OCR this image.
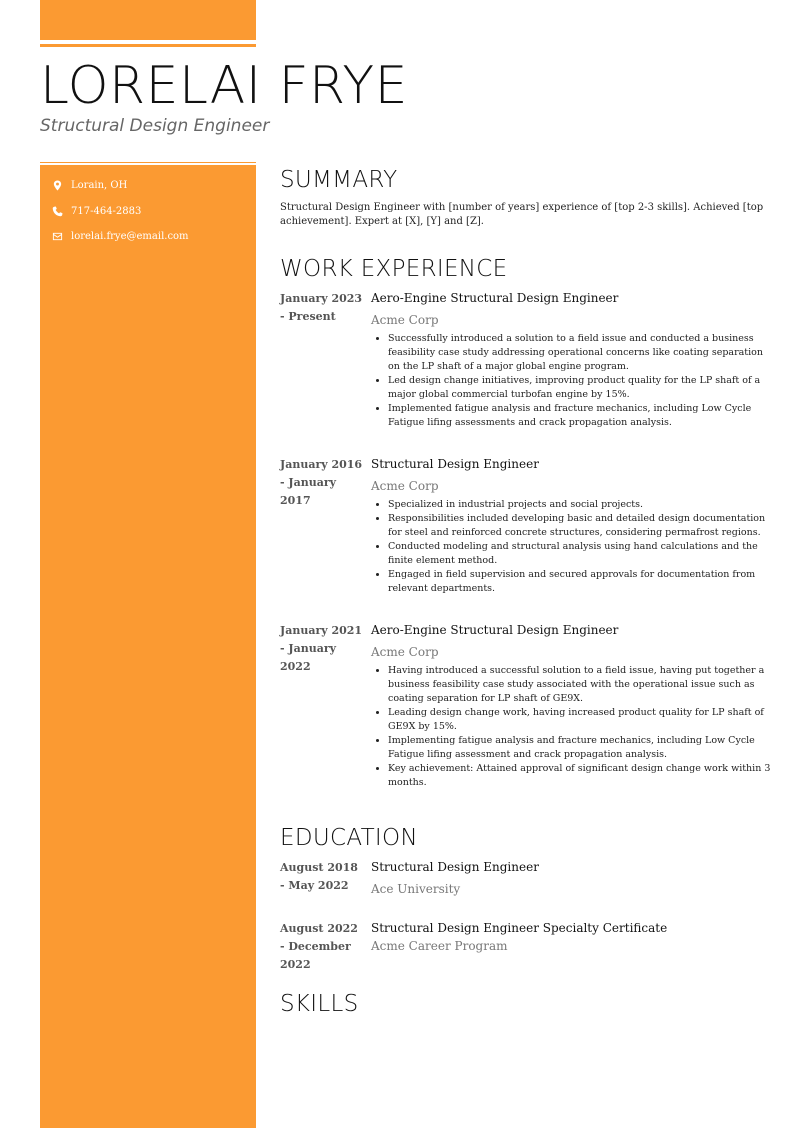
LORELAI FRYE
Structural Design Engineer
Lorain, OH
717-464-2883
lorelai.frye@email.com
SUMMARY

Structural Design Engineer with [number of years] experience of [top 2-3 skills]. Achieved [top achievement]. Expert at [X], [Y] and [Z].

WORK EXPERIENCE
January 2023 - Present
Aero-Engine Structural Design Engineer
Acme Corp
• Successfully introduced a solution to a field issue and conducted a business feasibility case study addressing operational concerns like coating separation on the LP shaft of a major global engine program.
• Led design change initiatives, improving product quality for the LP shaft of a major global commercial turbofan engine by 15%.
• Implemented fatigue analysis and fracture mechanics, including Low Cycle Fatigue lifing assessments and crack propagation analysis.
January 2016 - January 2017
Structural Design Engineer
Acme Corp
• Specialized in industrial projects and social projects.
• Responsibilities included developing basic and detailed design documentation for steel and reinforced concrete structures, considering permafrost regions.
• Conducted modeling and structural analysis using hand calculations and the finite element method.
• Engaged in field supervision and secured approvals for documentation from relevant departments.
January 2021 - January 2022
Aero-Engine Structural Design Engineer
Acme Corp
• Having introduced a successful solution to a field issue, having put together a business feasibility case study associated with the operational issue such as coating separation for LP shaft of GE9X.
• Leading design change work, having increased product quality for LP shaft of GE9X by 15%.
• Implementing fatigue analysis and fracture mechanics, including Low Cycle Fatigue lifing assessment and crack propagation analysis.
• Key achievement: Attained approval of significant design change work within 3 months.
EDUCATION
August 2018 - May 2022
Structural Design Engineer
Ace University
August 2022 - December 2022
Structural Design Engineer Specialty Certificate
Acme Career Program
SKILLS
